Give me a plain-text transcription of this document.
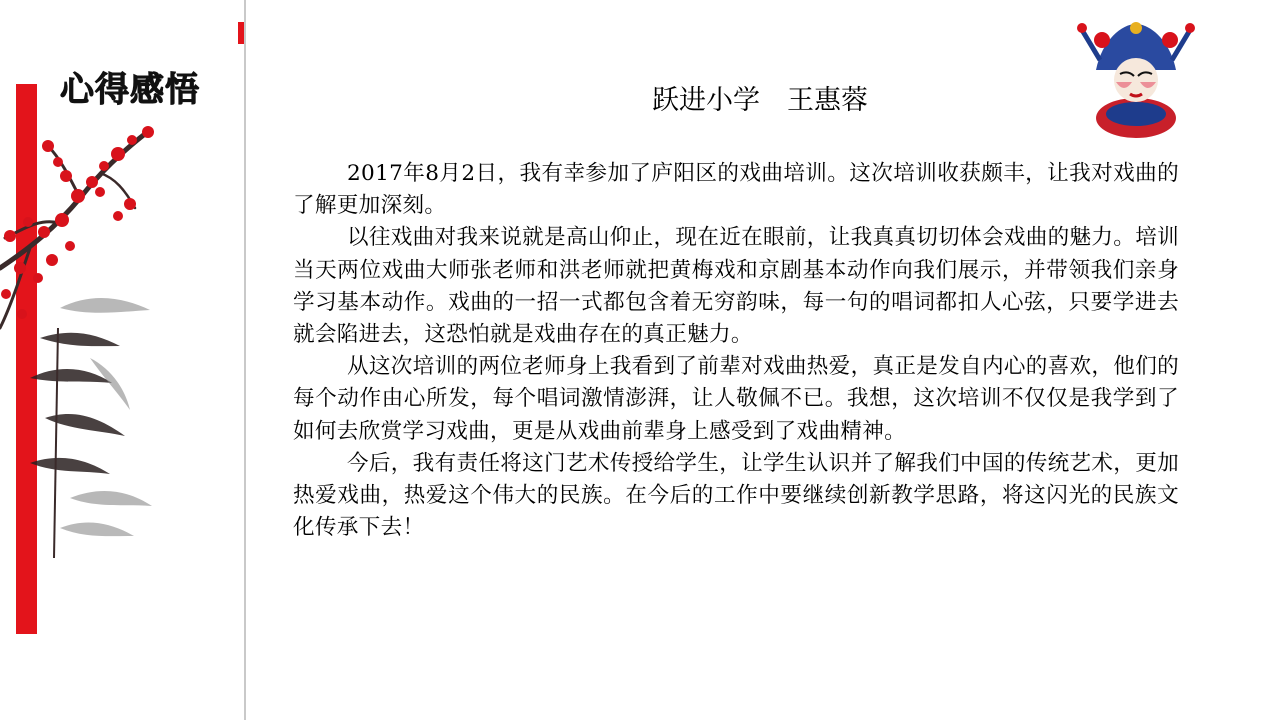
心得感悟	跃进小学　王惠蓉

2017年8月2日，我有幸参加了庐阳区的戏曲培训。这次培训收获颇丰，让我对戏曲的了解更加深刻。

以往戏曲对我来说就是高山仰止，现在近在眼前，让我真真切切体会戏曲的魅力。培训当天两位戏曲大师张老师和洪老师就把黄梅戏和京剧基本动作向我们展示，并带领我们亲身学习基本动作。戏曲的一招一式都包含着无穷韵味，每一句的唱词都扣人心弦，只要学进去就会陷进去，这恐怕就是戏曲存在的真正魅力。

从这次培训的两位老师身上我看到了前辈对戏曲热爱，真正是发自内心的喜欢，他们的每个动作由心所发，每个唱词激情澎湃，让人敬佩不已。我想，这次培训不仅仅是我学到了如何去欣赏学习戏曲，更是从戏曲前辈身上感受到了戏曲精神。

今后，我有责任将这门艺术传授给学生，让学生认识并了解我们中国的传统艺术，更加热爱戏曲，热爱这个伟大的民族。在今后的工作中要继续创新教学思路，将这闪光的民族文化传承下去！
